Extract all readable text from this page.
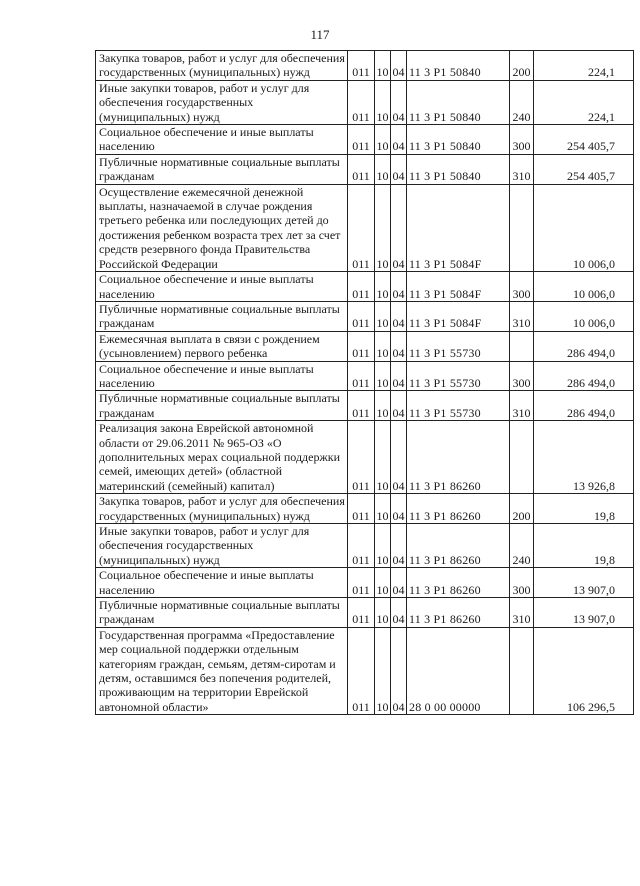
117
Закупка товаров, работ и услуг для обеспечения государственных (муниципальных) нужд	011	10	04	11 3 Р1 50840	200	224,1
Иные закупки товаров, работ и услуг для обеспечения государственных (муниципальных) нужд	011	10	04	11 3 Р1 50840	240	224,1
Социальное обеспечение и иные выплаты населению	011	10	04	11 3 Р1 50840	300	254 405,7
Публичные нормативные социальные выплаты гражданам	011	10	04	11 3 Р1 50840	310	254 405,7
Осуществление ежемесячной денежной выплаты, назначаемой в случае рождения третьего ребенка или последующих детей до достижения ребенком возраста трех лет за счет средств резервного фонда Правительства Российской Федерации	011	10	04	11 3 Р1 5084F		10 006,0
Социальное обеспечение и иные выплаты населению	011	10	04	11 3 Р1 5084F	300	10 006,0
Публичные нормативные социальные выплаты гражданам	011	10	04	11 3 Р1 5084F	310	10 006,0
Ежемесячная выплата в связи с рождением (усыновлением) первого ребенка	011	10	04	11 3 Р1 55730		286 494,0
Социальное обеспечение и иные выплаты населению	011	10	04	11 3 Р1 55730	300	286 494,0
Публичные нормативные социальные выплаты гражданам	011	10	04	11 3 Р1 55730	310	286 494,0
Реализация закона Еврейской автономной области от 29.06.2011 № 965-ОЗ «О дополнительных мерах социальной поддержки семей, имеющих детей» (областной материнский (семейный) капитал)	011	10	04	11 3 Р1 86260		13 926,8
Закупка товаров, работ и услуг для обеспечения государственных (муниципальных) нужд	011	10	04	11 3 Р1 86260	200	19,8
Иные закупки товаров, работ и услуг для обеспечения государственных (муниципальных) нужд	011	10	04	11 3 Р1 86260	240	19,8
Социальное обеспечение и иные выплаты населению	011	10	04	11 3 Р1 86260	300	13 907,0
Публичные нормативные социальные выплаты гражданам	011	10	04	11 3 Р1 86260	310	13 907,0
Государственная программа «Предоставление мер социальной поддержки отдельным категориям граждан, семьям, детям-сиротам и детям, оставшимся без попечения родителей, проживающим на территории Еврейской автономной области»	011	10	04	28 0 00 00000		106 296,5
